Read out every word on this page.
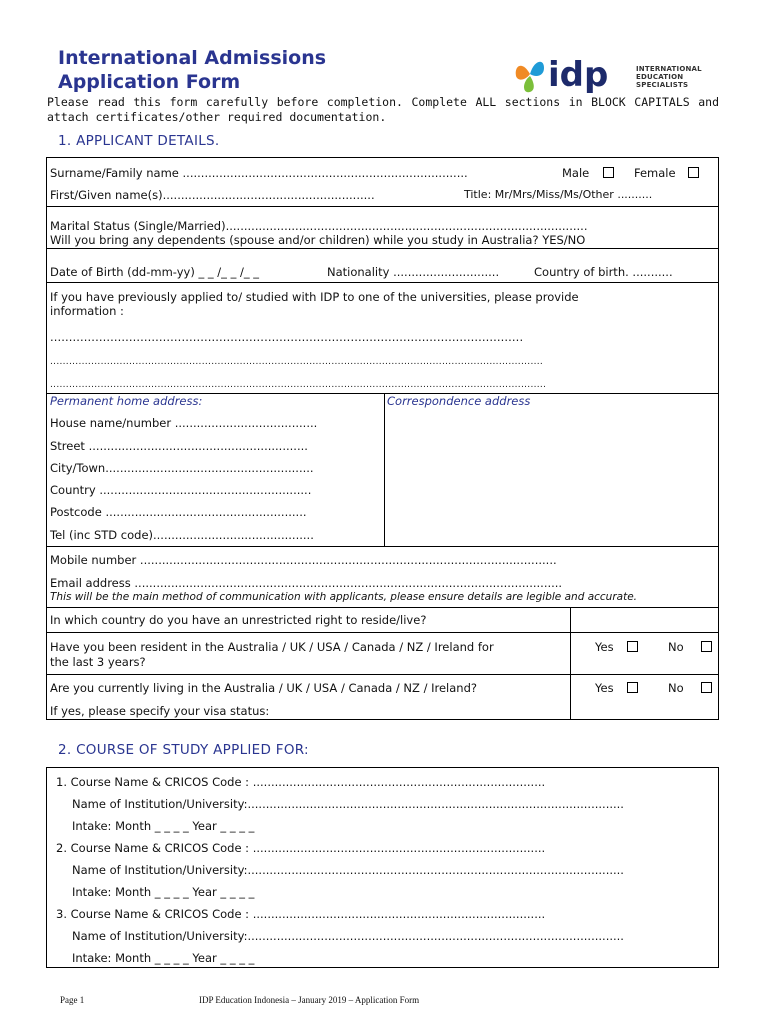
International Admissions
Application Form	idp	INTERNATIONAL
EDUCATION
SPECIALISTS
Please read this form carefully before completion. Complete ALL sections in BLOCK CAPITALS and attach certificates/other required documentation.
1. APPLICANT DETAILS.
Surname/Family name ..............................................................................	Male	Female
First/Given name(s)..........................................................	Title: Mr/Mrs/Miss/Ms/Other ..........
Marital Status (Single/Married)...................................................................................................
Will you bring any dependents (spouse and/or children) while you study in Australia? YES/NO
Date of Birth (dd-mm-yy) _ _ /_ _ /_ _	Nationality .............................	Country of birth. ...........
If you have previously applied to/ studied with IDP to one of the universities, please provide
information :
..............................................................................................................................
............................................................................................................................................................
.............................................................................................................................................................
Permanent home address:	Correspondence address
House name/number .......................................
Street ............................................................
City/Town.........................................................
Country ..........................................................
Postcode .......................................................
Tel (inc STD code)............................................
Mobile number ..................................................................................................................
Email address .....................................................................................................................
This will be the main method of communication with applicants, please ensure details are legible and accurate.
In which country do you have an unrestricted right to reside/live?
Have you been resident in the Australia / UK / USA / Canada / NZ / Ireland for
the last 3 years?
Yes	No
Are you currently living in the Australia / UK / USA / Canada / NZ / Ireland?
If yes, please specify your visa status:
Yes	No
2. COURSE OF STUDY APPLIED FOR:
1. Course Name & CRICOS Code : ................................................................................
Name of Institution/University:.......................................................................................................
Intake: Month _ _ _ _ Year _ _ _ _
2. Course Name & CRICOS Code : ................................................................................
Name of Institution/University:.......................................................................................................
Intake: Month _ _ _ _ Year _ _ _ _
3. Course Name & CRICOS Code : ................................................................................
Name of Institution/University:.......................................................................................................
Intake: Month _ _ _ _ Year _ _ _ _
Page 1	IDP Education Indonesia – January 2019 – Application Form
